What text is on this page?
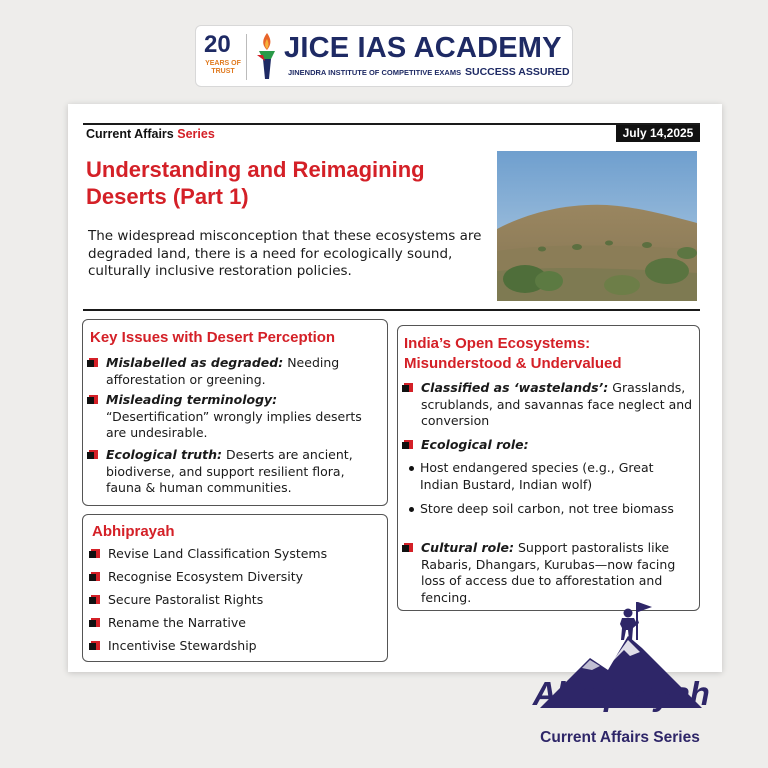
20
YEARS OF TRUST
JICE IAS ACADEMY
JINENDRA INSTITUTE OF COMPETITIVE EXAMS SUCCESS ASSURED
Current Affairs Series	July 14,2025
Understanding and Reimagining Deserts (Part 1)
The widespread misconception that these ecosystems are degraded land, there is a need for ecologically sound, culturally inclusive restoration policies.
Key Issues with Desert Perception
Mislabelled as degraded: Needing afforestation or greening.
Misleading terminology: “Desertification” wrongly implies deserts are undesirable.
Ecological truth: Deserts are ancient, biodiverse, and support resilient flora, fauna & human communities.
Abhiprayah
Revise Land Classification Systems
Recognise Ecosystem Diversity
Secure Pastoralist Rights
Rename the Narrative
Incentivise Stewardship
India’s Open Ecosystems:
Misunderstood & Undervalued
Classified as ‘wastelands’: Grasslands, scrublands, and savannas face neglect and conversion
Ecological role:
Host endangered species (e.g., Great Indian Bustard, Indian wolf)
Store deep soil carbon, not tree biomass
Cultural role: Support pastoralists like Rabaris, Dhangars, Kurubas—now facing loss of access due to afforestation and fencing.
Abhiprayah
Current Affairs Series
